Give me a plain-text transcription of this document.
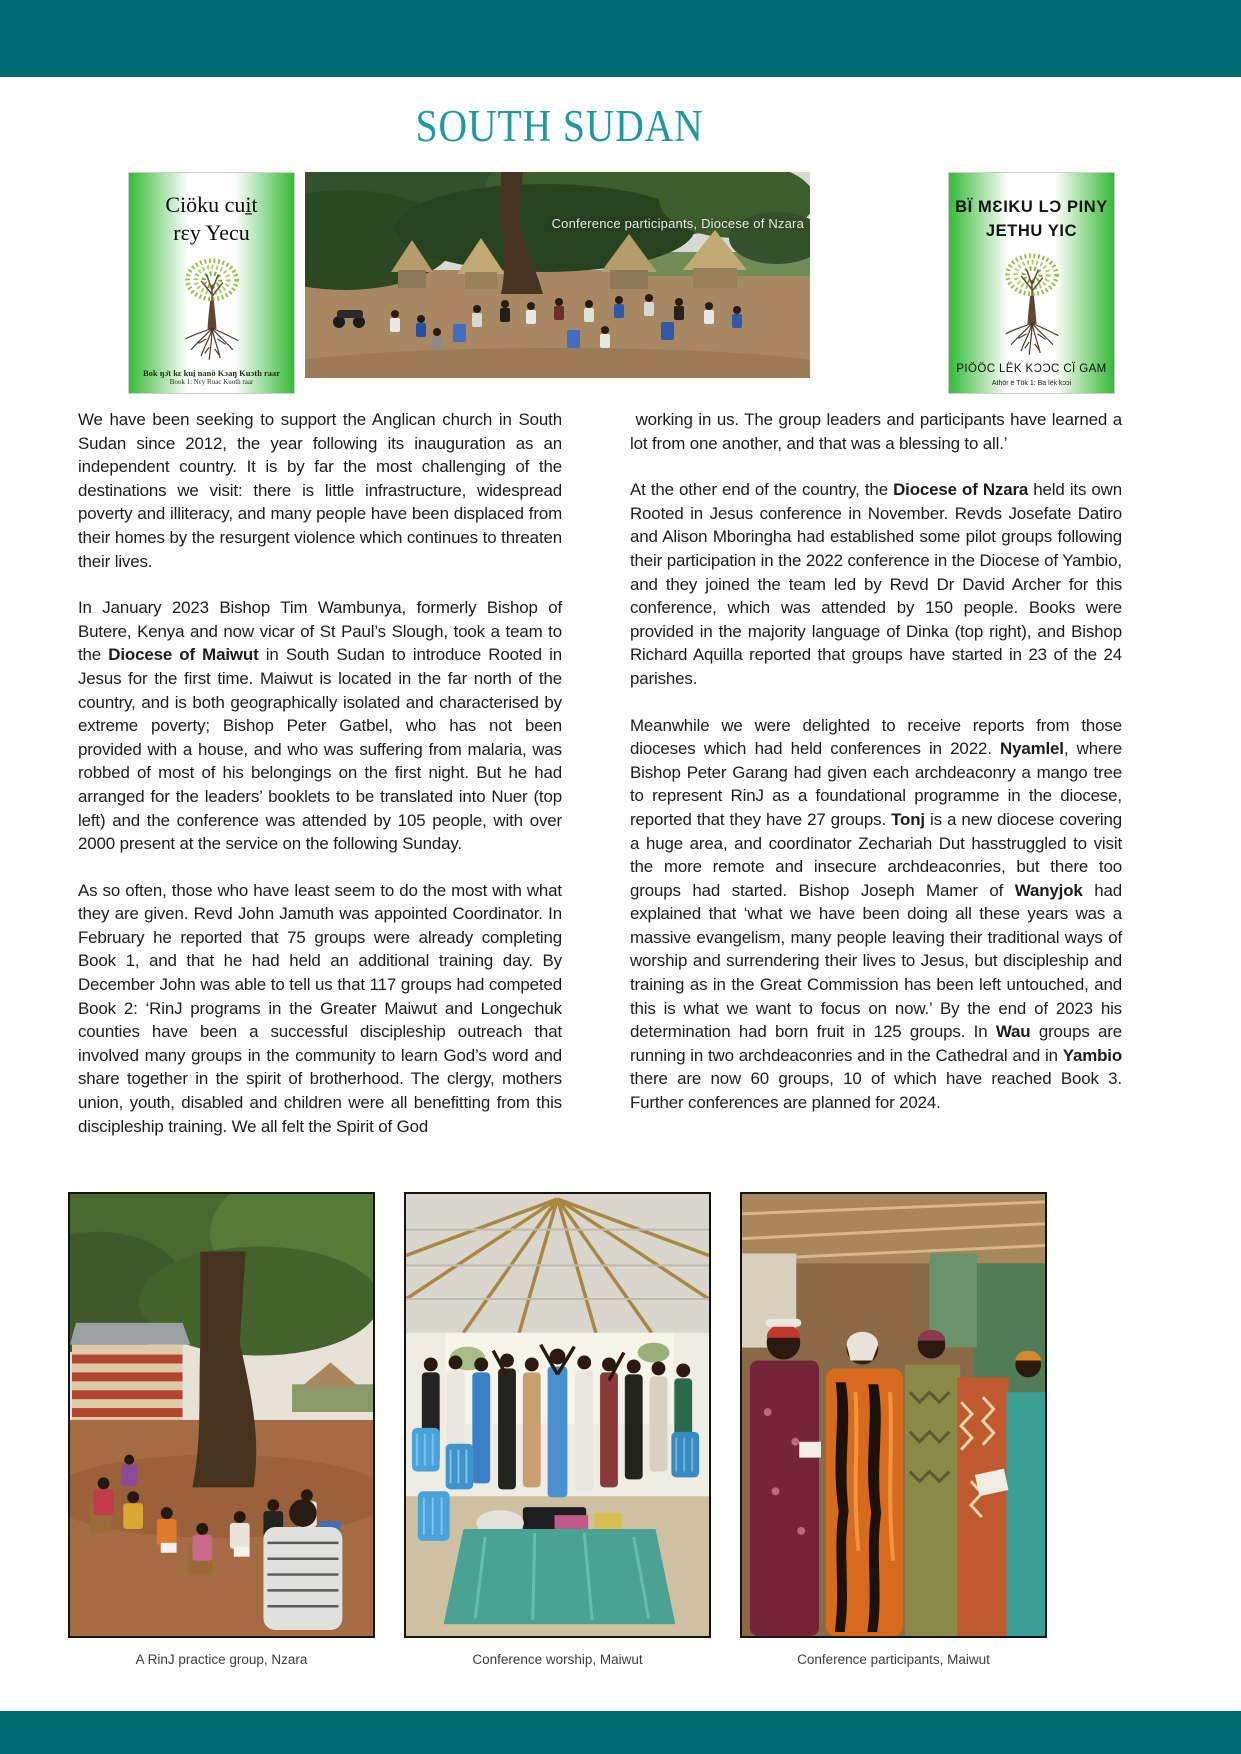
SOUTH SUDAN
Ciöku cui̱t
rɛy Yecu
Bok ŋɔ̈t kɛ kui̱ nanö Kɔaŋ Kuɔth raar
Book 1: Nɛy Ruac Kuoth raar
Conference participants, Diocese of Nzara
BÏ MƐIKU LƆ PINY
JETHU YIC
PIÖÖC LËK KƆƆC CÏ GAM
Athör ë Tök 1: Ba lëk kɔɔi

We have been seeking to support the Anglican church in South Sudan since 2012, the year following its inauguration as an independent country. It is by far the most challenging of the destinations we visit: there is little infrastructure, widespread poverty and illiteracy, and many people have been displaced from their homes by the resurgent violence which continues to threaten their lives.

In January 2023 Bishop Tim Wambunya, formerly Bishop of Butere, Kenya and now vicar of St Paul’s Slough, took a team to the Diocese of Maiwut in South Sudan to introduce Rooted in Jesus for the first time. Maiwut is located in the far north of the country, and is both geographically isolated and characterised by extreme poverty; Bishop Peter Gatbel, who has not been provided with a house, and who was suffering from malaria, was robbed of most of his belongings on the first night. But he had arranged for the leaders’ booklets to be translated into Nuer (top left) and the conference was attended by 105 people, with over 2000 present at the service on the following Sunday.

As so often, those who have least seem to do the most with what they are given. Revd John Jamuth was appointed Coordinator. In February he reported that 75 groups were already completing Book 1, and that he had held an additional training day. By December John was able to tell us that 117 groups had competed Book 2: ‘RinJ programs in the Greater Maiwut and Longechuk counties have been a successful discipleship outreach that involved many groups in the community to learn God’s word and share together in the spirit of brotherhood. The clergy, mothers union, youth, disabled and children were all benefitting from this discipleship training. We all felt the Spirit of God

working in us. The group leaders and participants have learned a lot from one another, and that was a blessing to all.’

At the other end of the country, the Diocese of Nzara held its own Rooted in Jesus conference in November. Revds Josefate Datiro and Alison Mboringha had established some pilot groups following their participation in the 2022 conference in the Diocese of Yambio, and they joined the team led by Revd Dr David Archer for this conference, which was attended by 150 people. Books were provided in the majority language of Dinka (top right), and Bishop Richard Aquilla reported that groups have started in 23 of the 24 parishes.

Meanwhile we were delighted to receive reports from those dioceses which had held conferences in 2022. Nyamlel, where Bishop Peter Garang had given each archdeaconry a mango tree to represent RinJ as a foundational programme in the diocese, reported that they have 27 groups. Tonj is a new diocese covering a huge area, and coordinator Zechariah Dut hasstruggled to visit the more remote and insecure archdeaconries, but there too groups had started. Bishop Joseph Mamer of Wanyjok had explained that ‘what we have been doing all these years was a massive evangelism, many people leaving their traditional ways of worship and surrendering their lives to Jesus, but discipleship and training as in the Great Commission has been left untouched, and this is what we want to focus on now.’ By the end of 2023 his determination had born fruit in 125 groups. In Wau groups are running in two archdeaconries and in the Cathedral and in Yambio there are now 60 groups, 10 of which have reached Book 3. Further conferences are planned for 2024.

A RinJ practice group, Nzara	Conference worship, Maiwut	Conference participants, Maiwut
